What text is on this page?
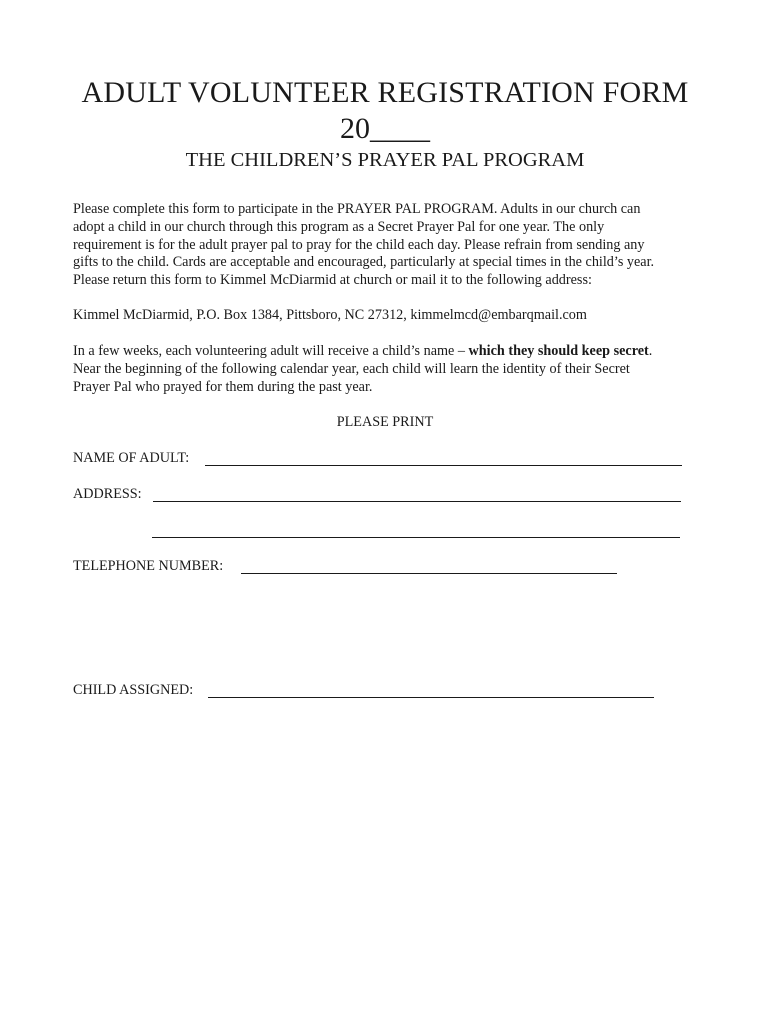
ADULT VOLUNTEER REGISTRATION FORM
20____
THE CHILDREN’S PRAYER PAL PROGRAM

Please complete this form to participate in the PRAYER PAL PROGRAM. Adults in our church can

adopt a child in our church through this program as a Secret Prayer Pal for one year. The only

requirement is for the adult prayer pal to pray for the child each day. Please refrain from sending any

gifts to the child. Cards are acceptable and encouraged, particularly at special times in the child’s year.

Please return this form to Kimmel McDiarmid at church or mail it to the following address:

Kimmel McDiarmid, P.O. Box 1384, Pittsboro, NC 27312, kimmelmcd@embarqmail.com

In a few weeks, each volunteering adult will receive a child’s name – which they should keep secret.

Near the beginning of the following calendar year, each child will learn the identity of their Secret

Prayer Pal who prayed for them during the past year.

PLEASE PRINT
NAME OF ADULT:
ADDRESS:
TELEPHONE NUMBER:
CHILD ASSIGNED:
